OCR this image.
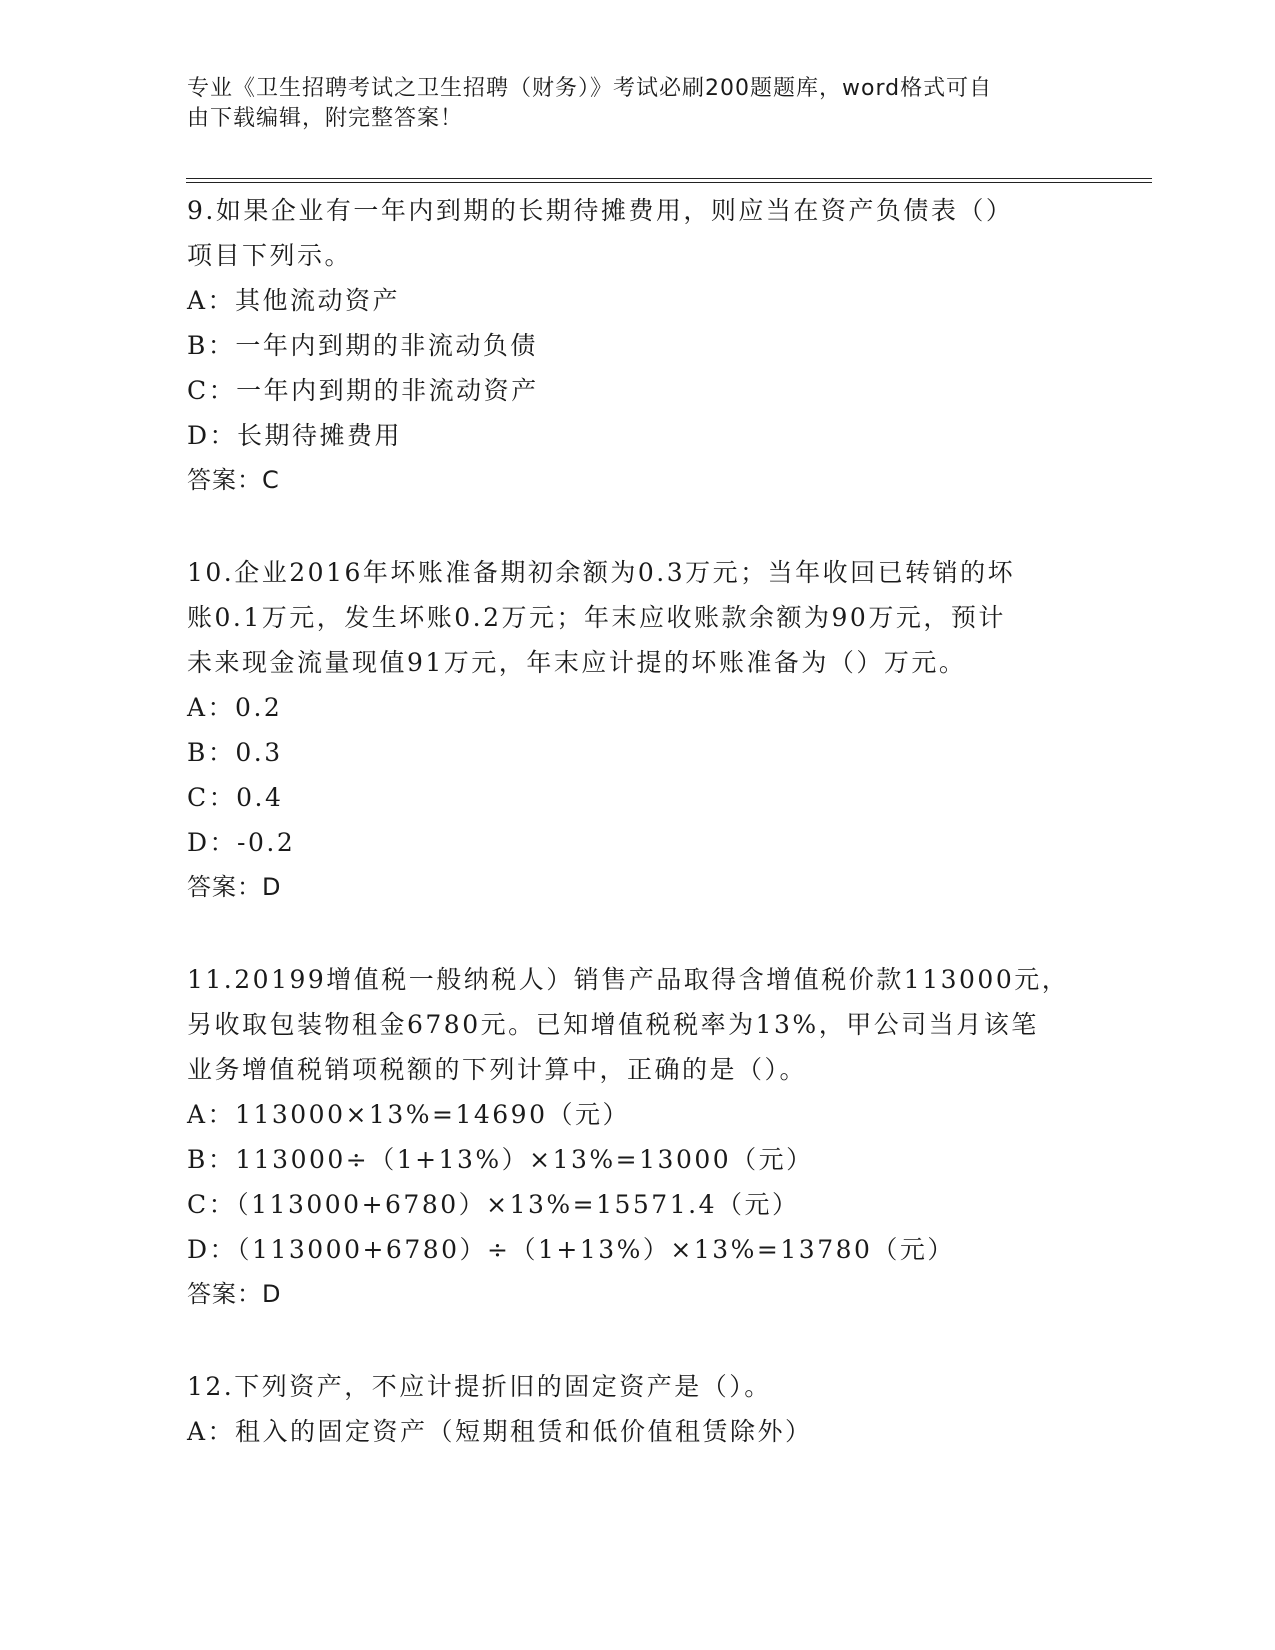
专业《卫生招聘考试之卫生招聘（财务）》考试必刷200题题库，word格式可自
由下载编辑，附完整答案！
9.如果企业有一年内到期的长期待摊费用，则应当在资产负债表（）
项目下列示。
A：其他流动资产
B：一年内到期的非流动负债
C：一年内到期的非流动资产
D：长期待摊费用
答案：C
10.企业2016年坏账准备期初余额为0.3万元；当年收回已转销的坏
账0.1万元，发生坏账0.2万元；年末应收账款余额为90万元，预计
未来现金流量现值91万元，年末应计提的坏账准备为（）万元。
A：0.2
B：0.3
C：0.4
D：-0.2
答案：D
11.20199增值税一般纳税人）销售产品取得含增值税价款113000元，
另收取包装物租金6780元。已知增值税税率为13%，甲公司当月该笔
业务增值税销项税额的下列计算中，正确的是（）。
A：113000×13%=14690（元）
B：113000÷（1+13%）×13%=13000（元）
C：（113000+6780）×13%=15571.4（元）
D：（113000+6780）÷（1+13%）×13%=13780（元）
答案：D
12.下列资产，不应计提折旧的固定资产是（）。
A：租入的固定资产（短期租赁和低价值租赁除外）
